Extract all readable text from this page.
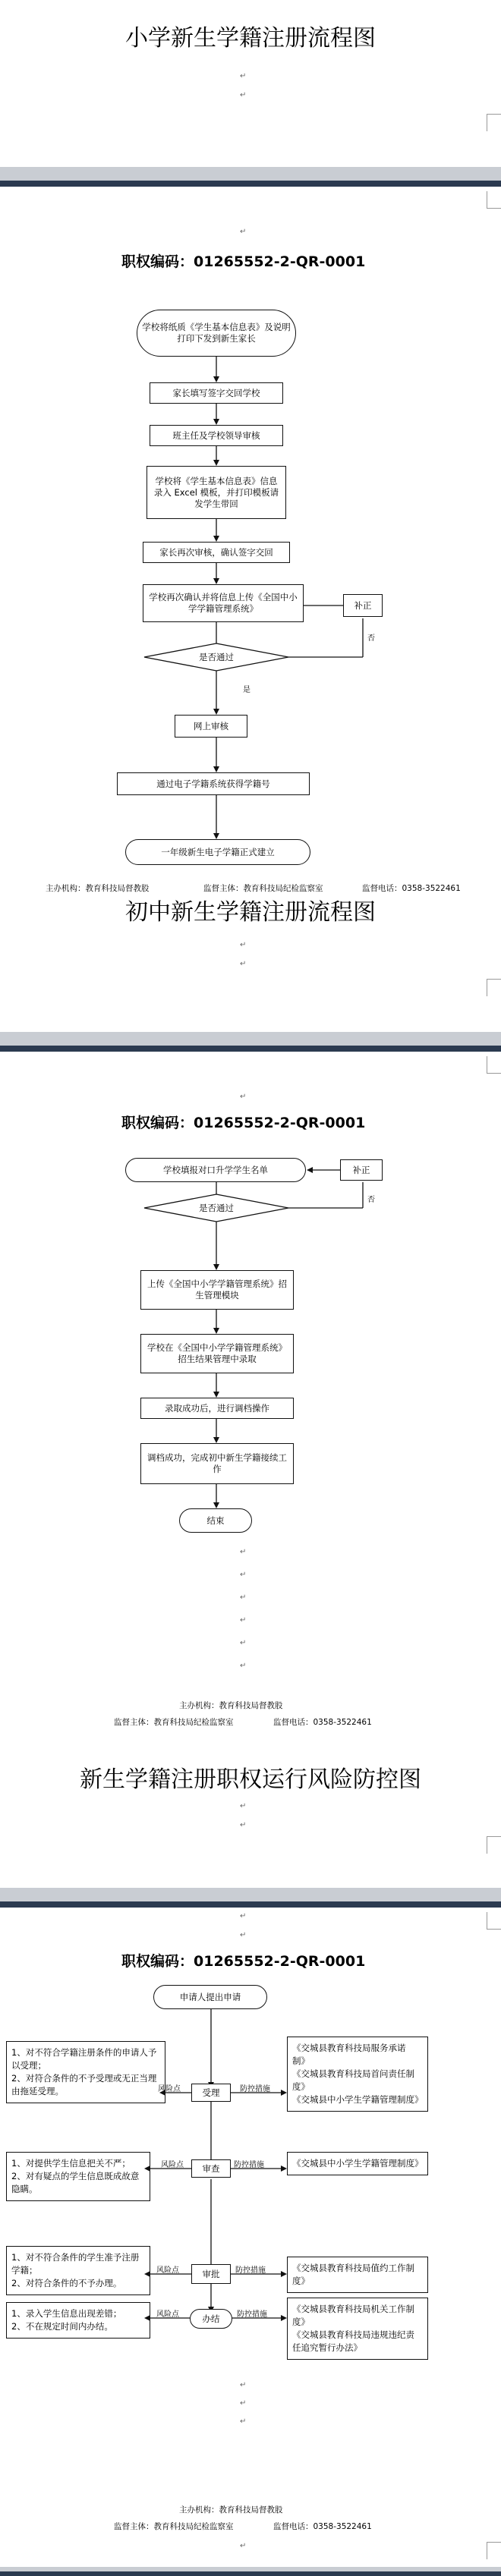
小学新生学籍注册流程图
↵
↵
↵
职权编码：01265552-2-QR-0001
学校将纸质《学生基本信息表》及说明打印下发到新生家长
家长填写签字交回学校
班主任及学校领导审核
学校将《学生基本信息表》信息录入 Excel 模板，并打印模板请发学生带回
家长再次审核，确认签字交回
学校再次确认并将信息上传《全国中小学学籍管理系统》
是否通过
补正
否
是
网上审核
通过电子学籍系统获得学籍号
一年级新生电子学籍正式建立
主办机构：教育科技局督教股	监督主体：教育科技局纪检监察室	监督电话：0358-3522461
初中新生学籍注册流程图
↵
↵
↵
职权编码：01265552-2-QR-0001
学校填报对口升学学生名单	补正
否
是否通过
上传《全国中小学学籍管理系统》招生管理模块
学校在《全国中小学学籍管理系统》招生结果管理中录取
录取成功后，进行调档操作
调档成功，完成初中新生学籍接续工作
结束
↵
↵
↵
↵
↵
↵
主办机构：教育科技局督教股
监督主体：教育科技局纪检监察室	监督电话：0358-3522461
新生学籍注册职权运行风险防控图
↵
↵
↵
↵
职权编码：01265552-2-QR-0001
申请人提出申请
1、对不符合学籍注册条件的申请人予以受理；
2、对符合条件的不予受理或无正当理由拖延受理。	风险点	受理	防控措施
《交城县教育科技局服务承诺制》
《交城县教育科技局首问责任制度》
《交城县中小学生学籍管理制度》
1、对提供学生信息把关不严；
2、对有疑点的学生信息既成故意隐瞒。
风险点	审查	防控措施	《交城县中小学生学籍管理制度》
1、对不符合条件的学生准予注册学籍；
2、对符合条件的不予办理。
风险点	审批	防控措施	《交城县教育科技局值约工作制度》
1、录入学生信息出现差错；
2、不在规定时间内办结。
风险点	办结	防控措施
《交城县教育科技局机关工作制度》
《交城县教育科技局违规违纪责任追究暂行办法》
↵
↵
↵
主办机构：教育科技局督教股
监督主体：教育科技局纪检监察室	监督电话：0358-3522461
↵
